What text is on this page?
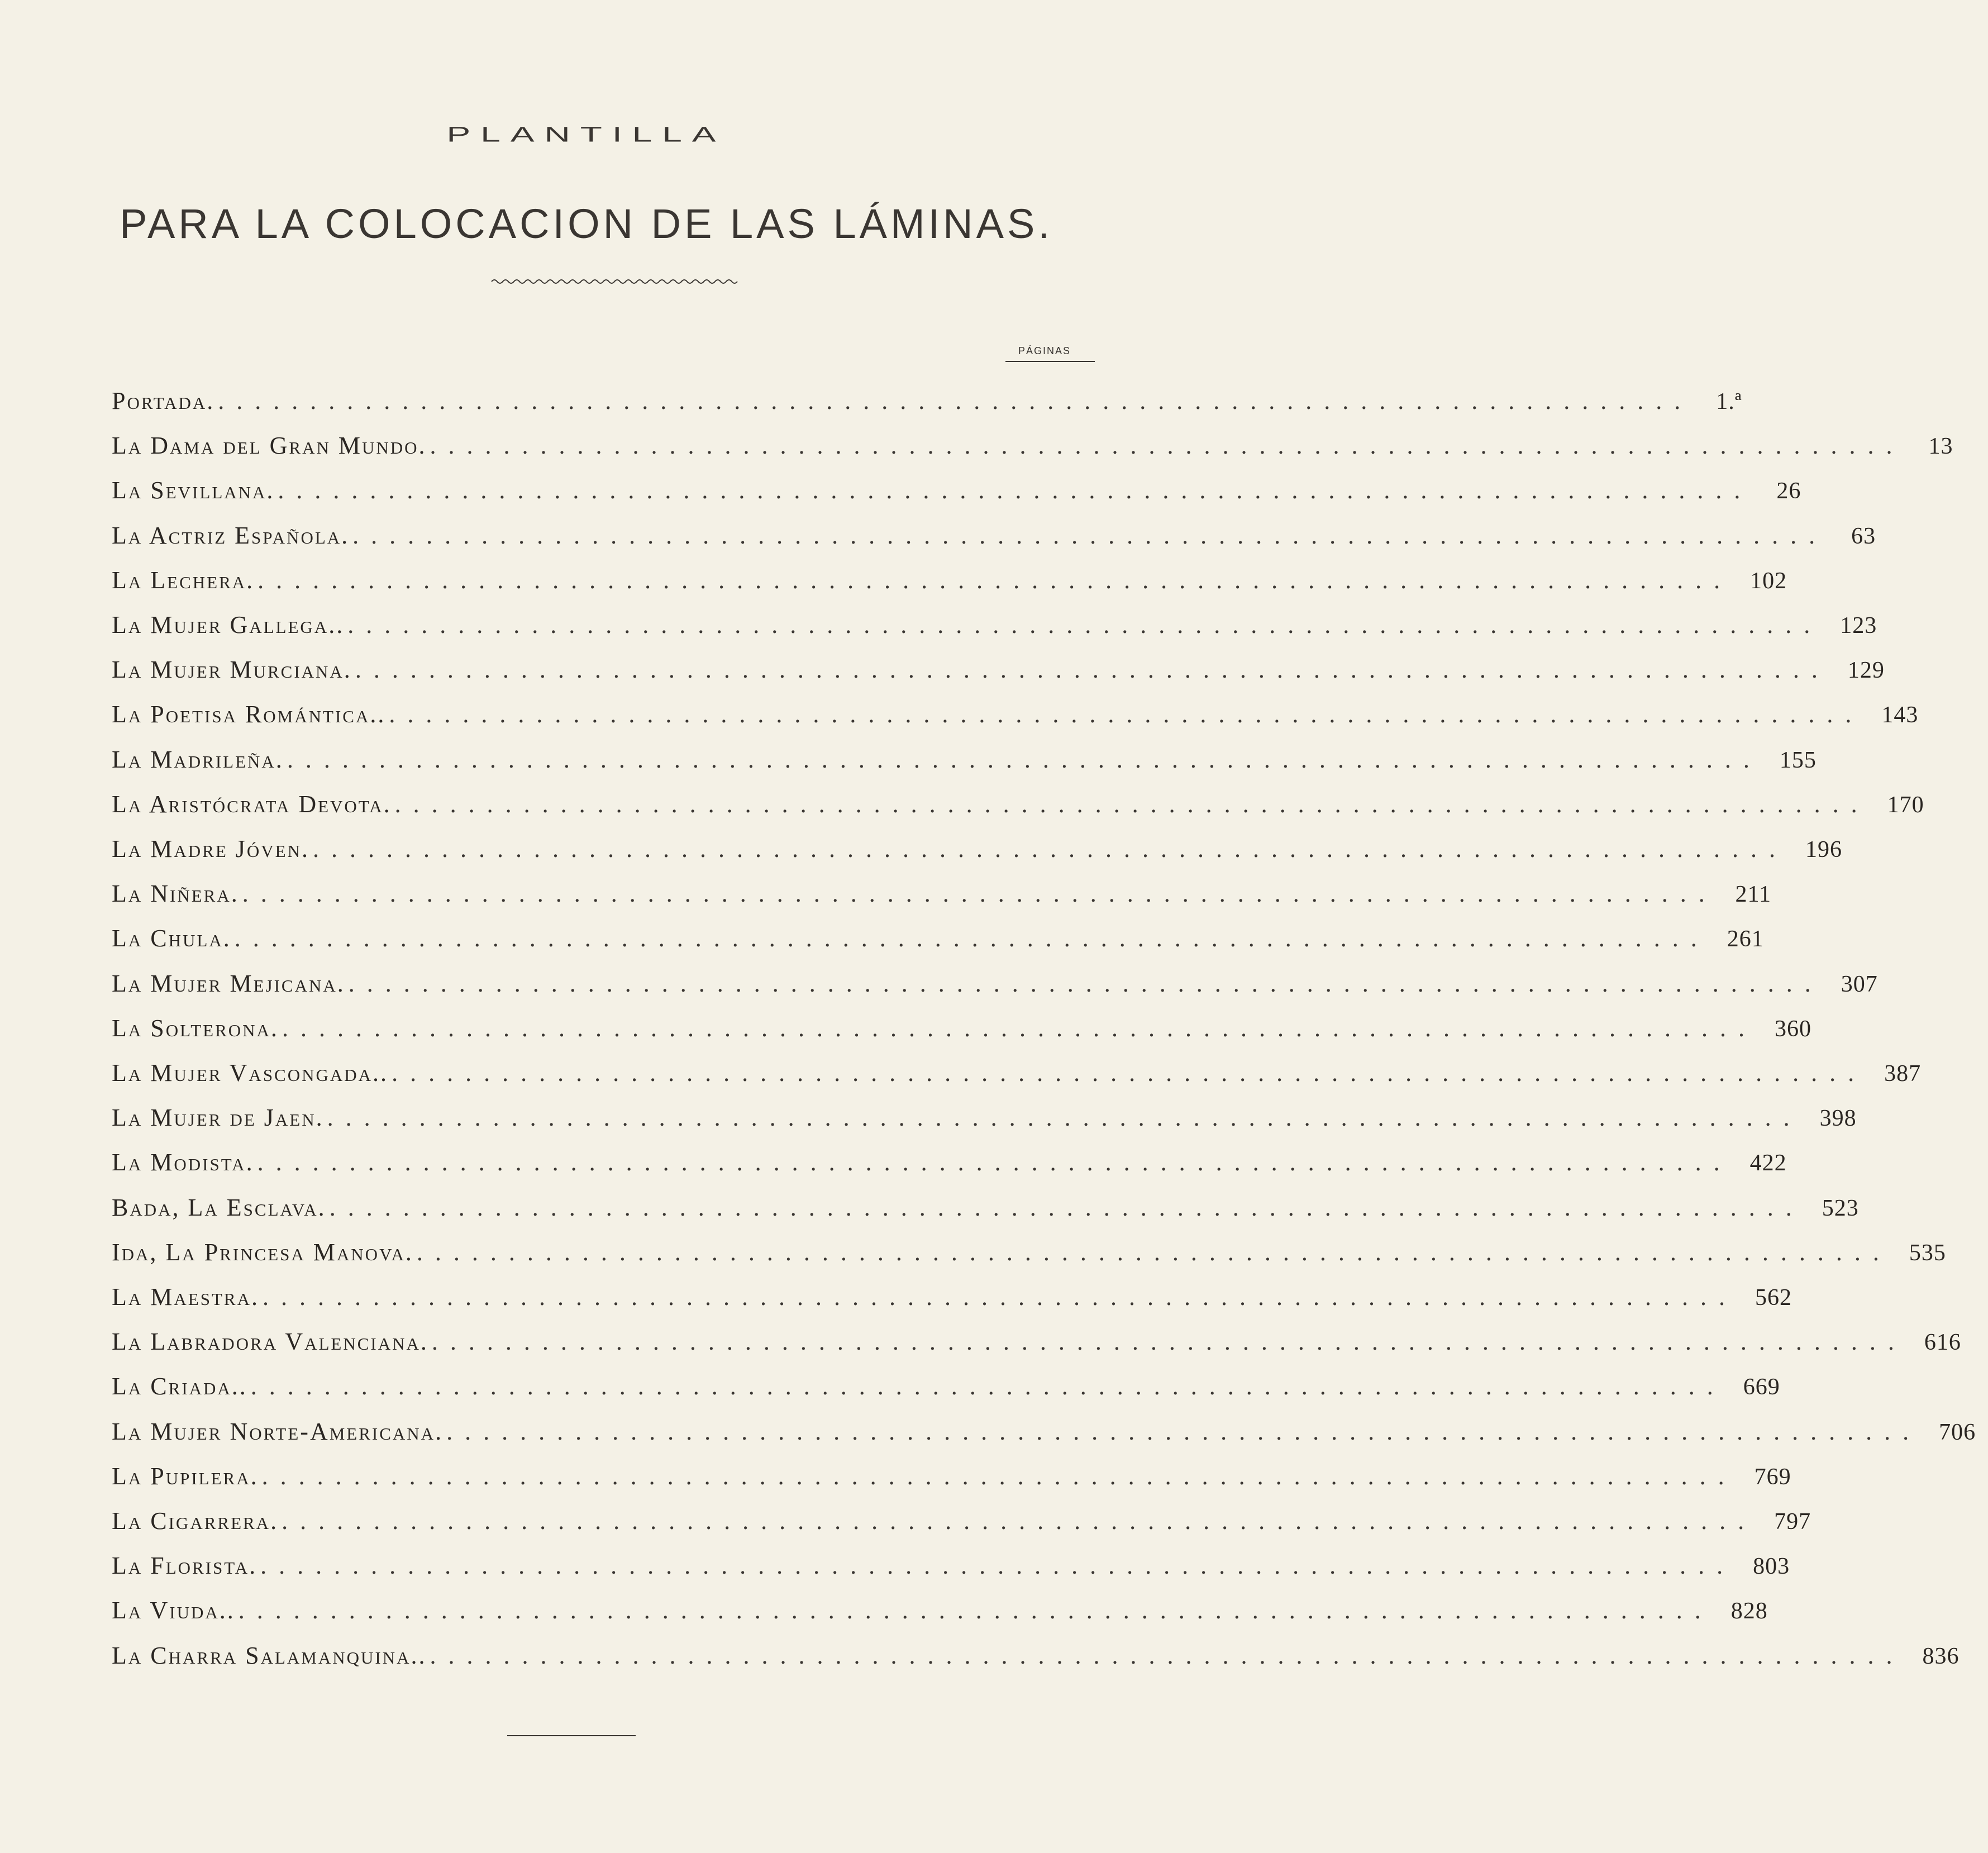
PLANTILLA
PARA LA COLOCACION DE LAS LÁMINAS.
PÁGINAS
Portada. ................................................................................ 1.ª
La Dama del Gran Mundo. ................................................................................	13
La Sevillana. ................................................................................	26
La Actriz Española. ................................................................................	63
La Lechera. ................................................................................ 102
La Mujer Gallega.. ................................................................................ 123
La Mujer Murciana. ................................................................................ 129
La Poetisa Romántica.. ................................................................................ 143
La Madrileña. ................................................................................ 155
La Aristócrata Devota. ................................................................................ 170
La Madre Jóven. ................................................................................ 196
La Niñera. ................................................................................ 211
La Chula. ................................................................................ 261
La Mujer Mejicana. ................................................................................ 307
La Solterona. ................................................................................ 360
La Mujer Vascongada.. ................................................................................ 387
La Mujer de Jaen. ................................................................................ 398
La Modista. ................................................................................ 422
Bada, La Esclava. ................................................................................ 523
Ida, La Princesa Manova. ................................................................................ 535
La Maestra. ................................................................................ 562
La Labradora Valenciana. ................................................................................ 616
La Criada.. ................................................................................ 669
La Mujer Norte-Americana. ................................................................................ 706
La Pupilera. ................................................................................ 769
La Cigarrera. ................................................................................ 797
La Florista. ................................................................................ 803
La Viuda.. ................................................................................ 828
La Charra Salamanquina.. ................................................................................ 836
